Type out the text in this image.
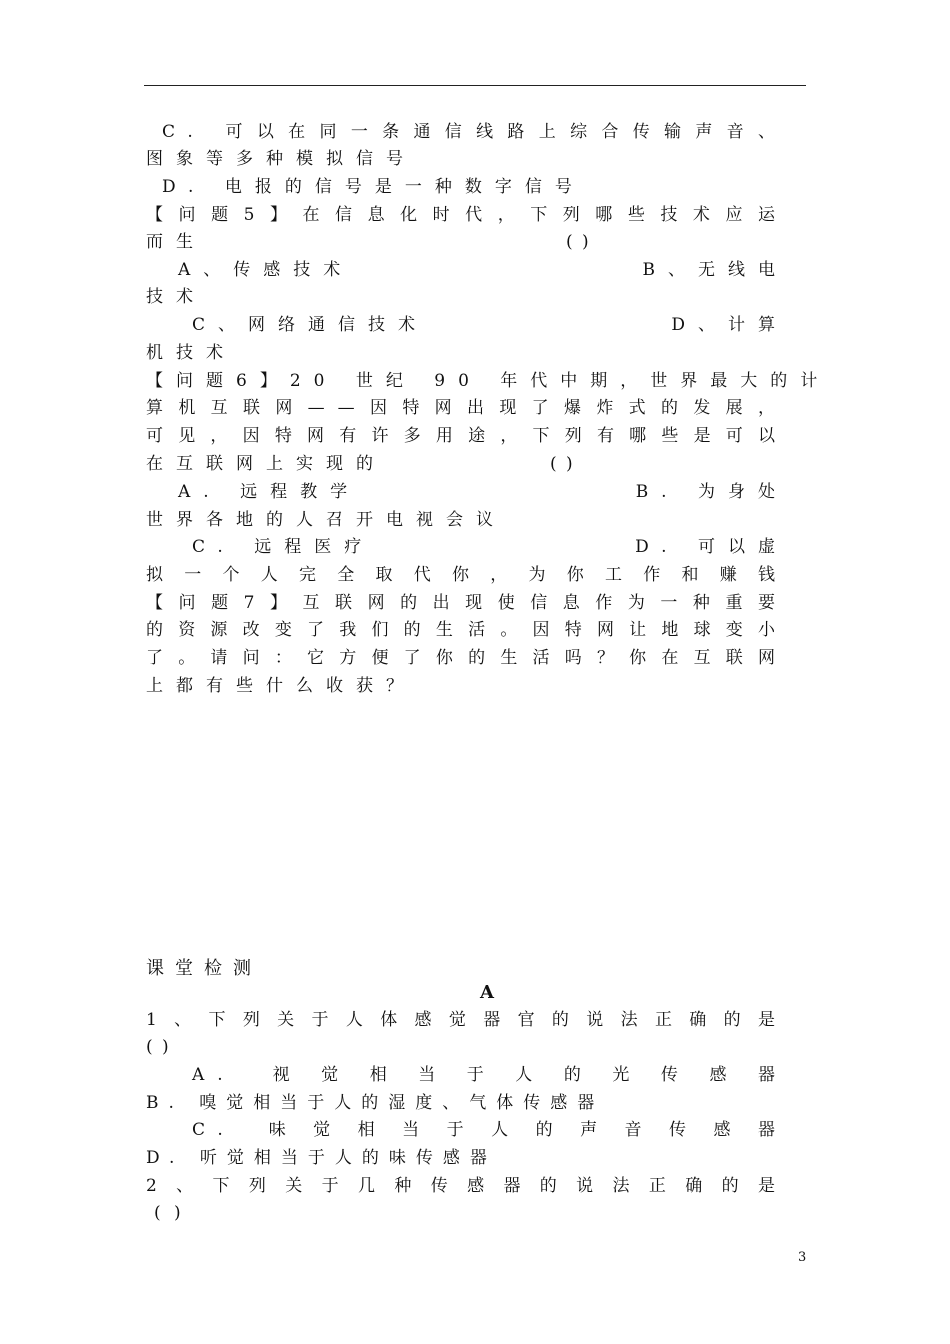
C. 可以在同一条通信线路上综合传输声音、
图象等多种模拟信号
D. 电报的信号是一种数字信号
【问题5】在信息化时代，下列哪些技术应运
而生	( )
A、传感技术	B、无线电
技术
C、网络通信技术	D、计算
机技术
【问题6】20 世纪 90 年代中期，世界最大的计
算机互联网——因特网出现了爆炸式的发展，
可见，因特网有许多用途，下列有哪些是可以
在互联网上实现的	( )
A. 远程教学	B. 为身处
世界各地的人召开电视会议
C. 远程医疗	D. 可以虚
拟一个人完全取代你，为你工作和赚钱
【问题7】互联网的出现使信息作为一种重要
的资源改变了我们的生活。因特网让地球变小
了。请问：它方便了你的生活吗？你在互联网
上都有些什么收获？
课堂检测
A
1、下列关于人体感觉器官的说法正确的是
( )
A. 视觉相当于人的光传感器
B. 嗅觉相当于人的湿度、气体传感器
C. 味觉相当于人的声音传感器
D. 听觉相当于人的味传感器
2、下列关于几种传感器的说法正确的是
( )
3
